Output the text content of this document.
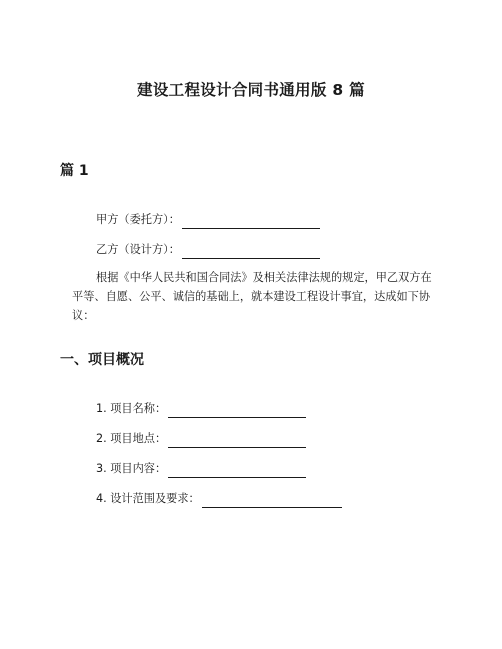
建设工程设计合同书通用版 8 篇
篇 1
甲方（委托方）：
乙方（设计方）：

根据《中华人民共和国合同法》及相关法律法规的规定，甲乙双方在平等、自愿、公平、诚信的基础上，就本建设工程设计事宜，达成如下协议：

一、项目概况
1. 项目名称：
2. 项目地点：
3. 项目内容：
4. 设计范围及要求：
